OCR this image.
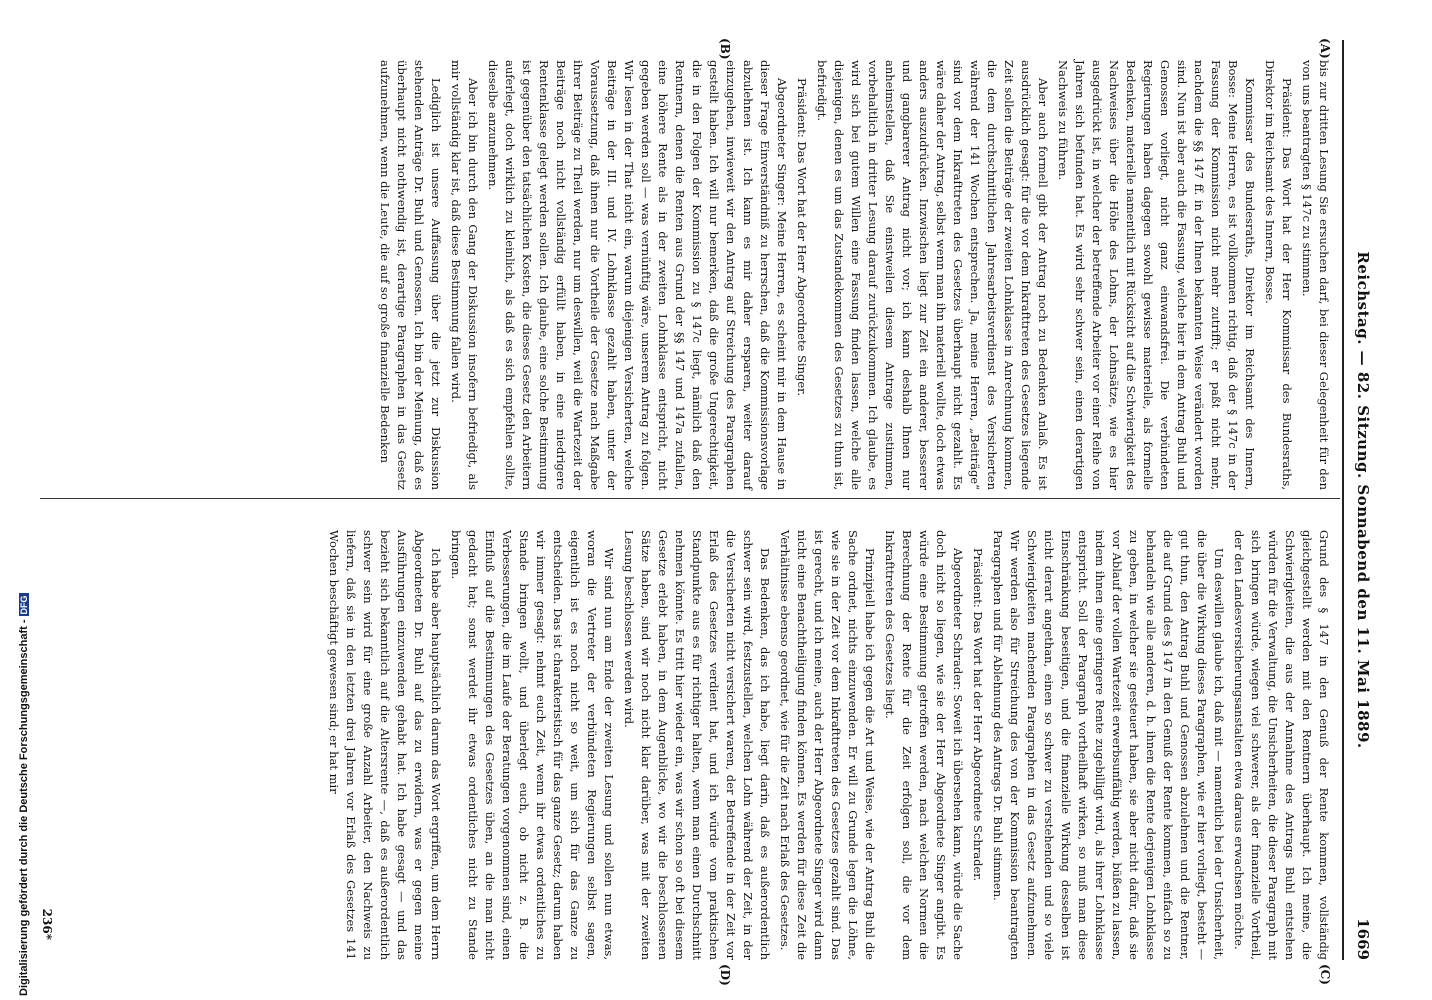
Reichstag. — 82. Sitzung. Sonnabend den 11. Mai 1889.
1669
(A)
(B)
(C)
(D)

bis zur dritten Lesung Sie ersuchen darf, bei dieser Gelegenheit für den von uns beantragten § 147c zu stimmen.

Präsident: Das Wort hat der Herr Kommissar des Bundesraths, Direktor im Reichsamt des Innern, Bosse.

Kommissar des Bundesraths, Direktor im Reichsamt des Innern, Bosse: Meine Herren, es ist vollkommen richtig, daß der § 147c in der Fassung der Kommission nicht mehr zutrifft; er paßt nicht mehr, nachdem die §§ 147 ff. in der Ihnen bekannten Weise verändert worden sind. Nun ist aber auch die Fassung, welche hier in dem Antrag Buhl und Genossen vorliegt, nicht ganz einwandsfrei. Die verbündeten Regierungen haben dagegen sowohl gewisse materielle, als formelle Bedenken, materielle namentlich mit Rücksicht auf die Schwierigkeit des Nachweises über die Höhe des Lohns, der Lohnsätze, wie es hier ausgedrückt ist, in welcher der betreffende Arbeiter vor einer Reihe von Jahren sich befunden hat. Es wird sehr schwer sein, einen derartigen Nachweis zu führen.

Aber auch formell gibt der Antrag noch zu Bedenken Anlaß. Es ist ausdrücklich gesagt: für die vor dem Inkrafttreten des Gesetzes liegende Zeit sollen die Beiträge der zweiten Lohnklasse in Anrechnung kommen, die dem durchschnittlichen Jahresarbeitsverdienst des Versicherten während der 141 Wochen entsprechen. Ja, meine Herren, „Beiträge“ sind vor dem Inkrafttreten des Gesetzes überhaupt nicht gezahlt. Es wäre daher der Antrag, selbst wenn man ihn materiell wollte, doch etwas anders auszudrücken. Inzwischen liegt zur Zeit ein anderer, besserer und gangbarerer Antrag nicht vor; ich kann deshalb Ihnen nur anheimstellen, daß Sie einstweilen diesem Antrage zustimmen, vorbehaltlich in dritter Lesung darauf zurückzukommen. Ich glaube, es wird sich bei gutem Willen eine Fassung finden lassen, welche alle diejenigen, denen es um das Zustandekommen des Gesetzes zu thun ist, befriedigt.

Präsident: Das Wort hat der Herr Abgeordnete Singer.

Abgeordneter Singer: Meine Herren, es scheint mir in dem Hause in dieser Frage Einverständniß zu herrschen, daß die Kommissionsvorlage abzulehnen ist. Ich kann es mir daher ersparen, weiter darauf einzugehen, inwieweit wir den Antrag auf Streichung des Paragraphen gestellt haben. Ich will nur bemerken, daß die große Ungerechtigkeit, die in den Folgen der Kommission zu § 147c liegt, nämlich daß den Rentnern, denen die Renten aus Grund der §§ 147 und 147a zufallen, eine höhere Rente als in der zweiten Lohnklasse entspricht, nicht gegeben werden soll — was vernünftig wäre, unserem Antrag zu folgen. Wir lesen in der That nicht ein, warum diejenigen Versicherten, welche Beiträge in der III. und IV. Lohnklasse gezahlt haben, unter der Voraussetzung, daß ihnen nur die Vortheile der Gesetze nach Maßgabe ihrer Beiträge zu Theil werden, nur um deswillen, weil die Wartezeit der Beiträge noch nicht vollständig erfüllt haben, in eine niedrigere Rentenklasse gelegt werden sollen. Ich glaube, eine solche Bestimmung ist gegenüber den tatsächlichen Kosten, die dieses Gesetz den Arbeitern auferlegt, doch wirklich zu kleinlich, als daß es sich empfehlen sollte, dieselbe anzunehmen.

Aber ich bin durch den Gang der Diskussion insofern befriedigt, als mir vollständig klar ist, daß diese Bestimmung fallen wird.

Lediglich ist unsere Auffassung über die jetzt zur Diskussion stehenden Anträge Dr. Buhl und Genossen. Ich bin der Meinung, daß es überhaupt nicht nothwendig ist, derartige Paragraphen in das Gesetz aufzunehmen, wenn die Leute, die auf so große finanzielle Bedenken

Grund des § 147 in den Genuß der Rente kommen, vollständig gleichgestellt werden mit den Rentnern überhaupt. Ich meine, die Schwierigkeiten, die aus der Annahme des Antrags Buhl entstehen würden für die Verwaltung, die Unsicherheiten, die dieser Paragraph mit sich bringen würde, wiegen viel schwerer, als der finanzielle Vortheil, der den Landesversicherungsanstalten etwa daraus erwachsen möchte.

Um deswillen glaube ich, daß mit — namentlich bei der Unsicherheit, die über die Wirkung dieses Paragraphen, wie er hier vorliegt, besteht — gut thun, den Antrag Buhl und Genossen abzulehnen und die Rentner, die auf Grund des § 147 in den Genuß der Rente kommen, einfach so zu behandeln wie alle anderen, d. h. ihnen die Rente derjenigen Lohnklasse zu geben, in welcher sie gesteuert haben, sie aber nicht dafür, daß sie vor Ablauf der vollen Wartezeit erwerbsunfähig werden, büßen zu lassen, indem ihnen eine geringere Rente zugebilligt wird, als ihrer Lohnklasse entspricht. Soll der Paragraph vortheilhaft wirken, so muß man diese Einschränkung beseitigen, und die finanzielle Wirkung desselben ist nicht derart angethan, einen so schwer zu verstehenden und so viele Schwierigkeiten machenden Paragraphen in das Gesetz aufzunehmen. Wir werden also für Streichung des von der Kommission beantragten Paragraphen und für Ablehnung des Antrags Dr. Buhl stimmen.

Präsident: Das Wort hat der Herr Abgeordnete Schrader.

Abgeordneter Schrader: Soweit ich übersehen kann, würde die Sache doch nicht so liegen, wie sie der Herr Abgeordnete Singer angibt. Es würde eine Bestimmung getroffen werden, nach welchen Normen die Berechnung der Rente für die Zeit erfolgen soll, die vor dem Inkrafttreten des Gesetzes liegt.

Prinzipiell habe ich gegen die Art und Weise, wie der Antrag Buhl die Sache ordnet, nichts einzuwenden. Er will zu Grunde legen die Löhne, wie sie in der Zeit vor dem Inkrafttreten des Gesetzes gezahlt sind. Das ist gerecht, und ich meine, auch der Herr Abgeordnete Singer wird dann nicht eine Benachtheiligung finden können. Es werden für diese Zeit die Verhältnisse ebenso geordnet, wie für die Zeit nach Erlaß des Gesetzes.

Das Bedenken, das ich habe, liegt darin, daß es außerordentlich schwer sein wird, festzustellen, welchen Lohn während der Zeit, in der die Versicherten nicht versichert waren, der Betreffende in der Zeit vor Erlaß des Gesetzes verdient hat, und ich würde vom praktischen Standpunkte aus es für richtiger halten, wenn man einen Durchschnitt nehmen könnte. Es tritt hier wieder ein, was wir schon so oft bei diesem Gesetze erlebt haben, in dem Augenblicke, wo wir die beschlossenen Sätze haben, sind wir noch nicht klar darüber, was mit der zweiten Lesung beschlossen werden wird.

Wir sind nun am Ende der zweiten Lesung und sollen nun etwas, woran die Vertreter der verbündeten Regierungen selbst sagen, eigentlich ist es noch nicht so weit, um sich für das Ganze zu entscheiden. Das ist charakteristisch für das ganze Gesetz; darum haben wir immer gesagt: nehmt euch Zeit, wenn ihr etwas ordentliches zu Stande bringen wollt, und überlegt euch, ob nicht z. B. die Verbesserungen, die im Laufe der Beratungen vorgenommen sind, einen Einfluß auf die Bestimmungen des Gesetzes üben, an die man nicht gedacht hat; sonst werdet ihr etwas ordentliches nicht zu Stande bringen.

Ich habe aber hauptsächlich darum das Wort ergriffen, um dem Herrn Abgeordneten Dr. Buhl auf das zu erwidern, was er gegen meine Ausführungen einzuwenden gehabt hat. Ich habe gesagt — und das bezieht sich bekanntlich auf die Altersrente —, daß es außerordentlich schwer sein wird für eine große Anzahl Arbeiter, den Nachweis zu liefern, daß sie in den letzten drei Jahren vor Erlaß des Gesetzes 141 Wochen beschäftigt gewesen sind; er hat mir

236*
Digitalisierung gefördert durch die Deutsche Forschungsgemeinschaft -DFG
